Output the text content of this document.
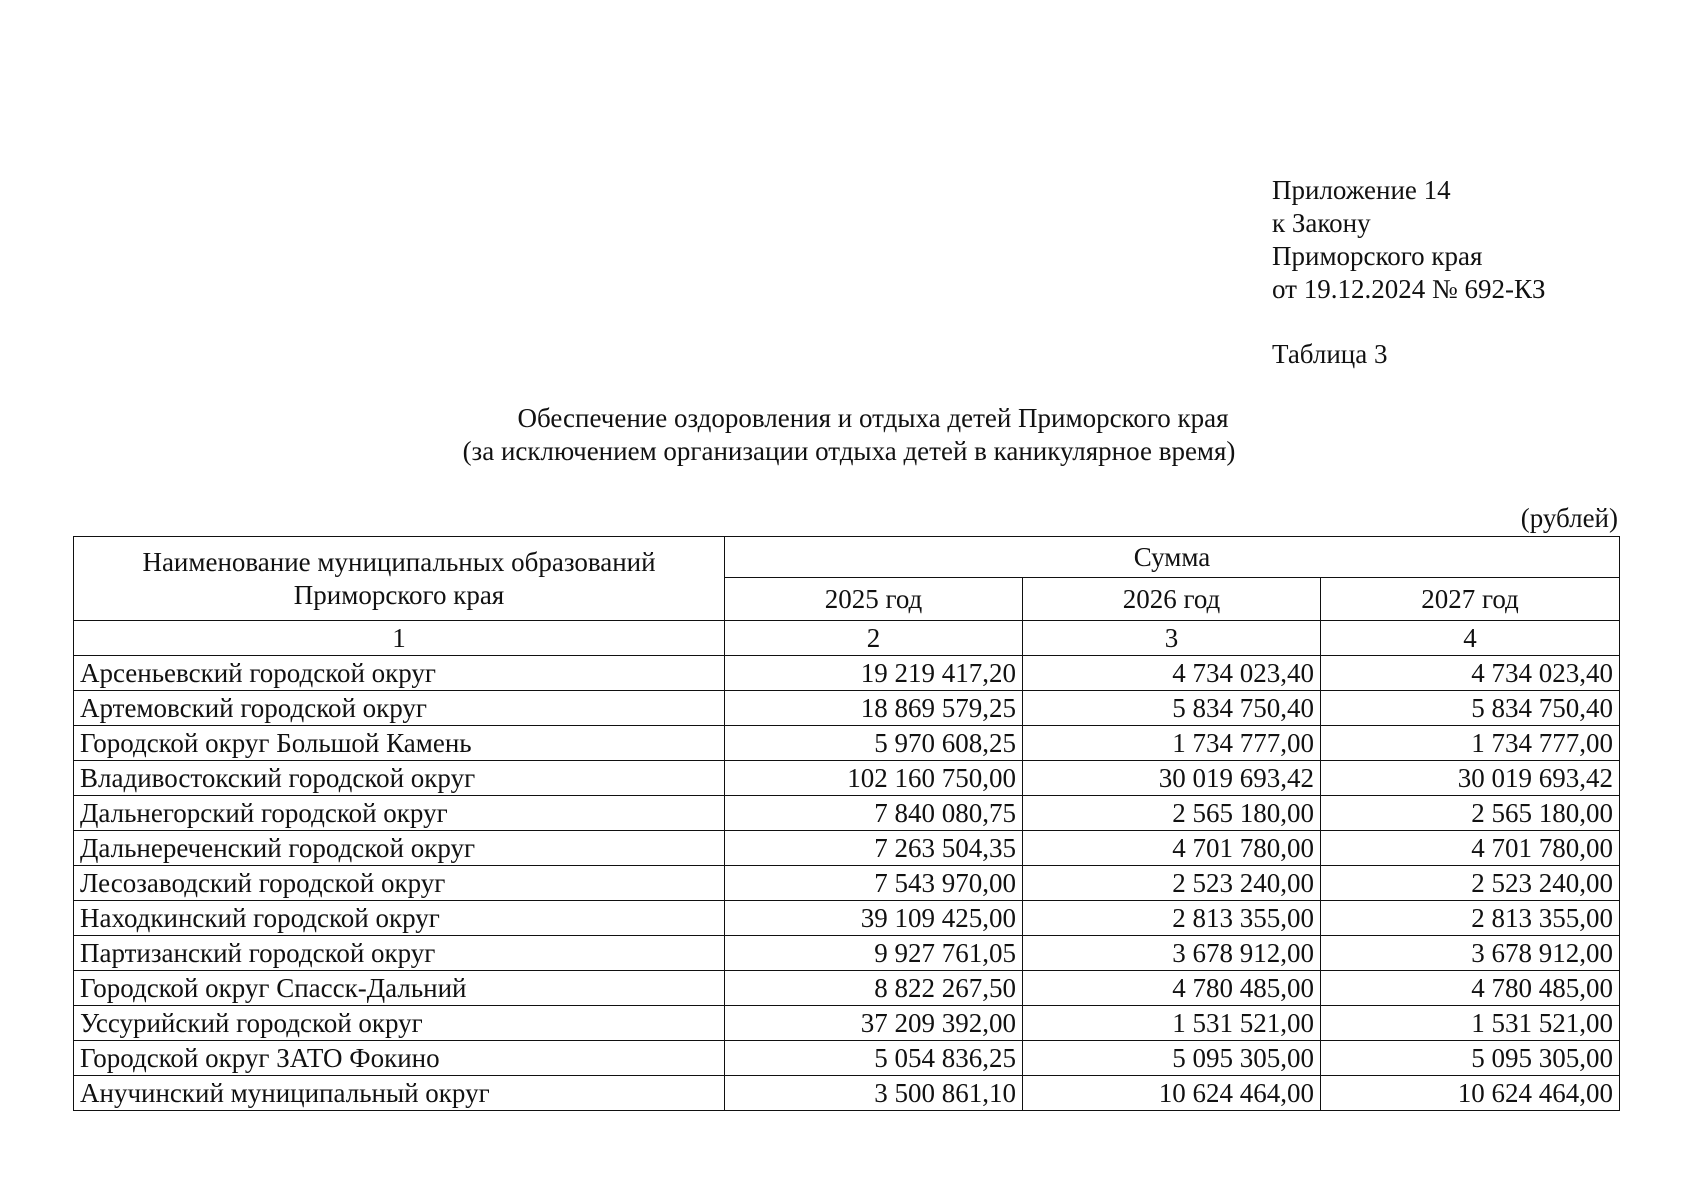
Приложение 14
к Закону
Приморского края
от 19.12.2024 № 692-КЗ
Таблица 3
Обеспечение оздоровления и отдыха детей Приморского края
(за исключением организации отдыха детей в каникулярное время)
(рублей)
Наименование муниципальных образований Приморского края	Сумма		
	2025 год	2026 год	2027 год
1	2	3	4
Арсеньевский городской округ	19 219 417,20	4 734 023,40	4 734 023,40
Артемовский городской округ	18 869 579,25	5 834 750,40	5 834 750,40
Городской округ Большой Камень	5 970 608,25	1 734 777,00	1 734 777,00
Владивостокский городской округ	102 160 750,00	30 019 693,42	30 019 693,42
Дальнегорский городской округ	7 840 080,75	2 565 180,00	2 565 180,00
Дальнереченский городской округ	7 263 504,35	4 701 780,00	4 701 780,00
Лесозаводский городской округ	7 543 970,00	2 523 240,00	2 523 240,00
Находкинский городской округ	39 109 425,00	2 813 355,00	2 813 355,00
Партизанский городской округ	9 927 761,05	3 678 912,00	3 678 912,00
Городской округ Спасск-Дальний	8 822 267,50	4 780 485,00	4 780 485,00
Уссурийский городской округ	37 209 392,00	1 531 521,00	1 531 521,00
Городской округ ЗАТО Фокино	5 054 836,25	5 095 305,00	5 095 305,00
Анучинский муниципальный округ	3 500 861,10	10 624 464,00	10 624 464,00
